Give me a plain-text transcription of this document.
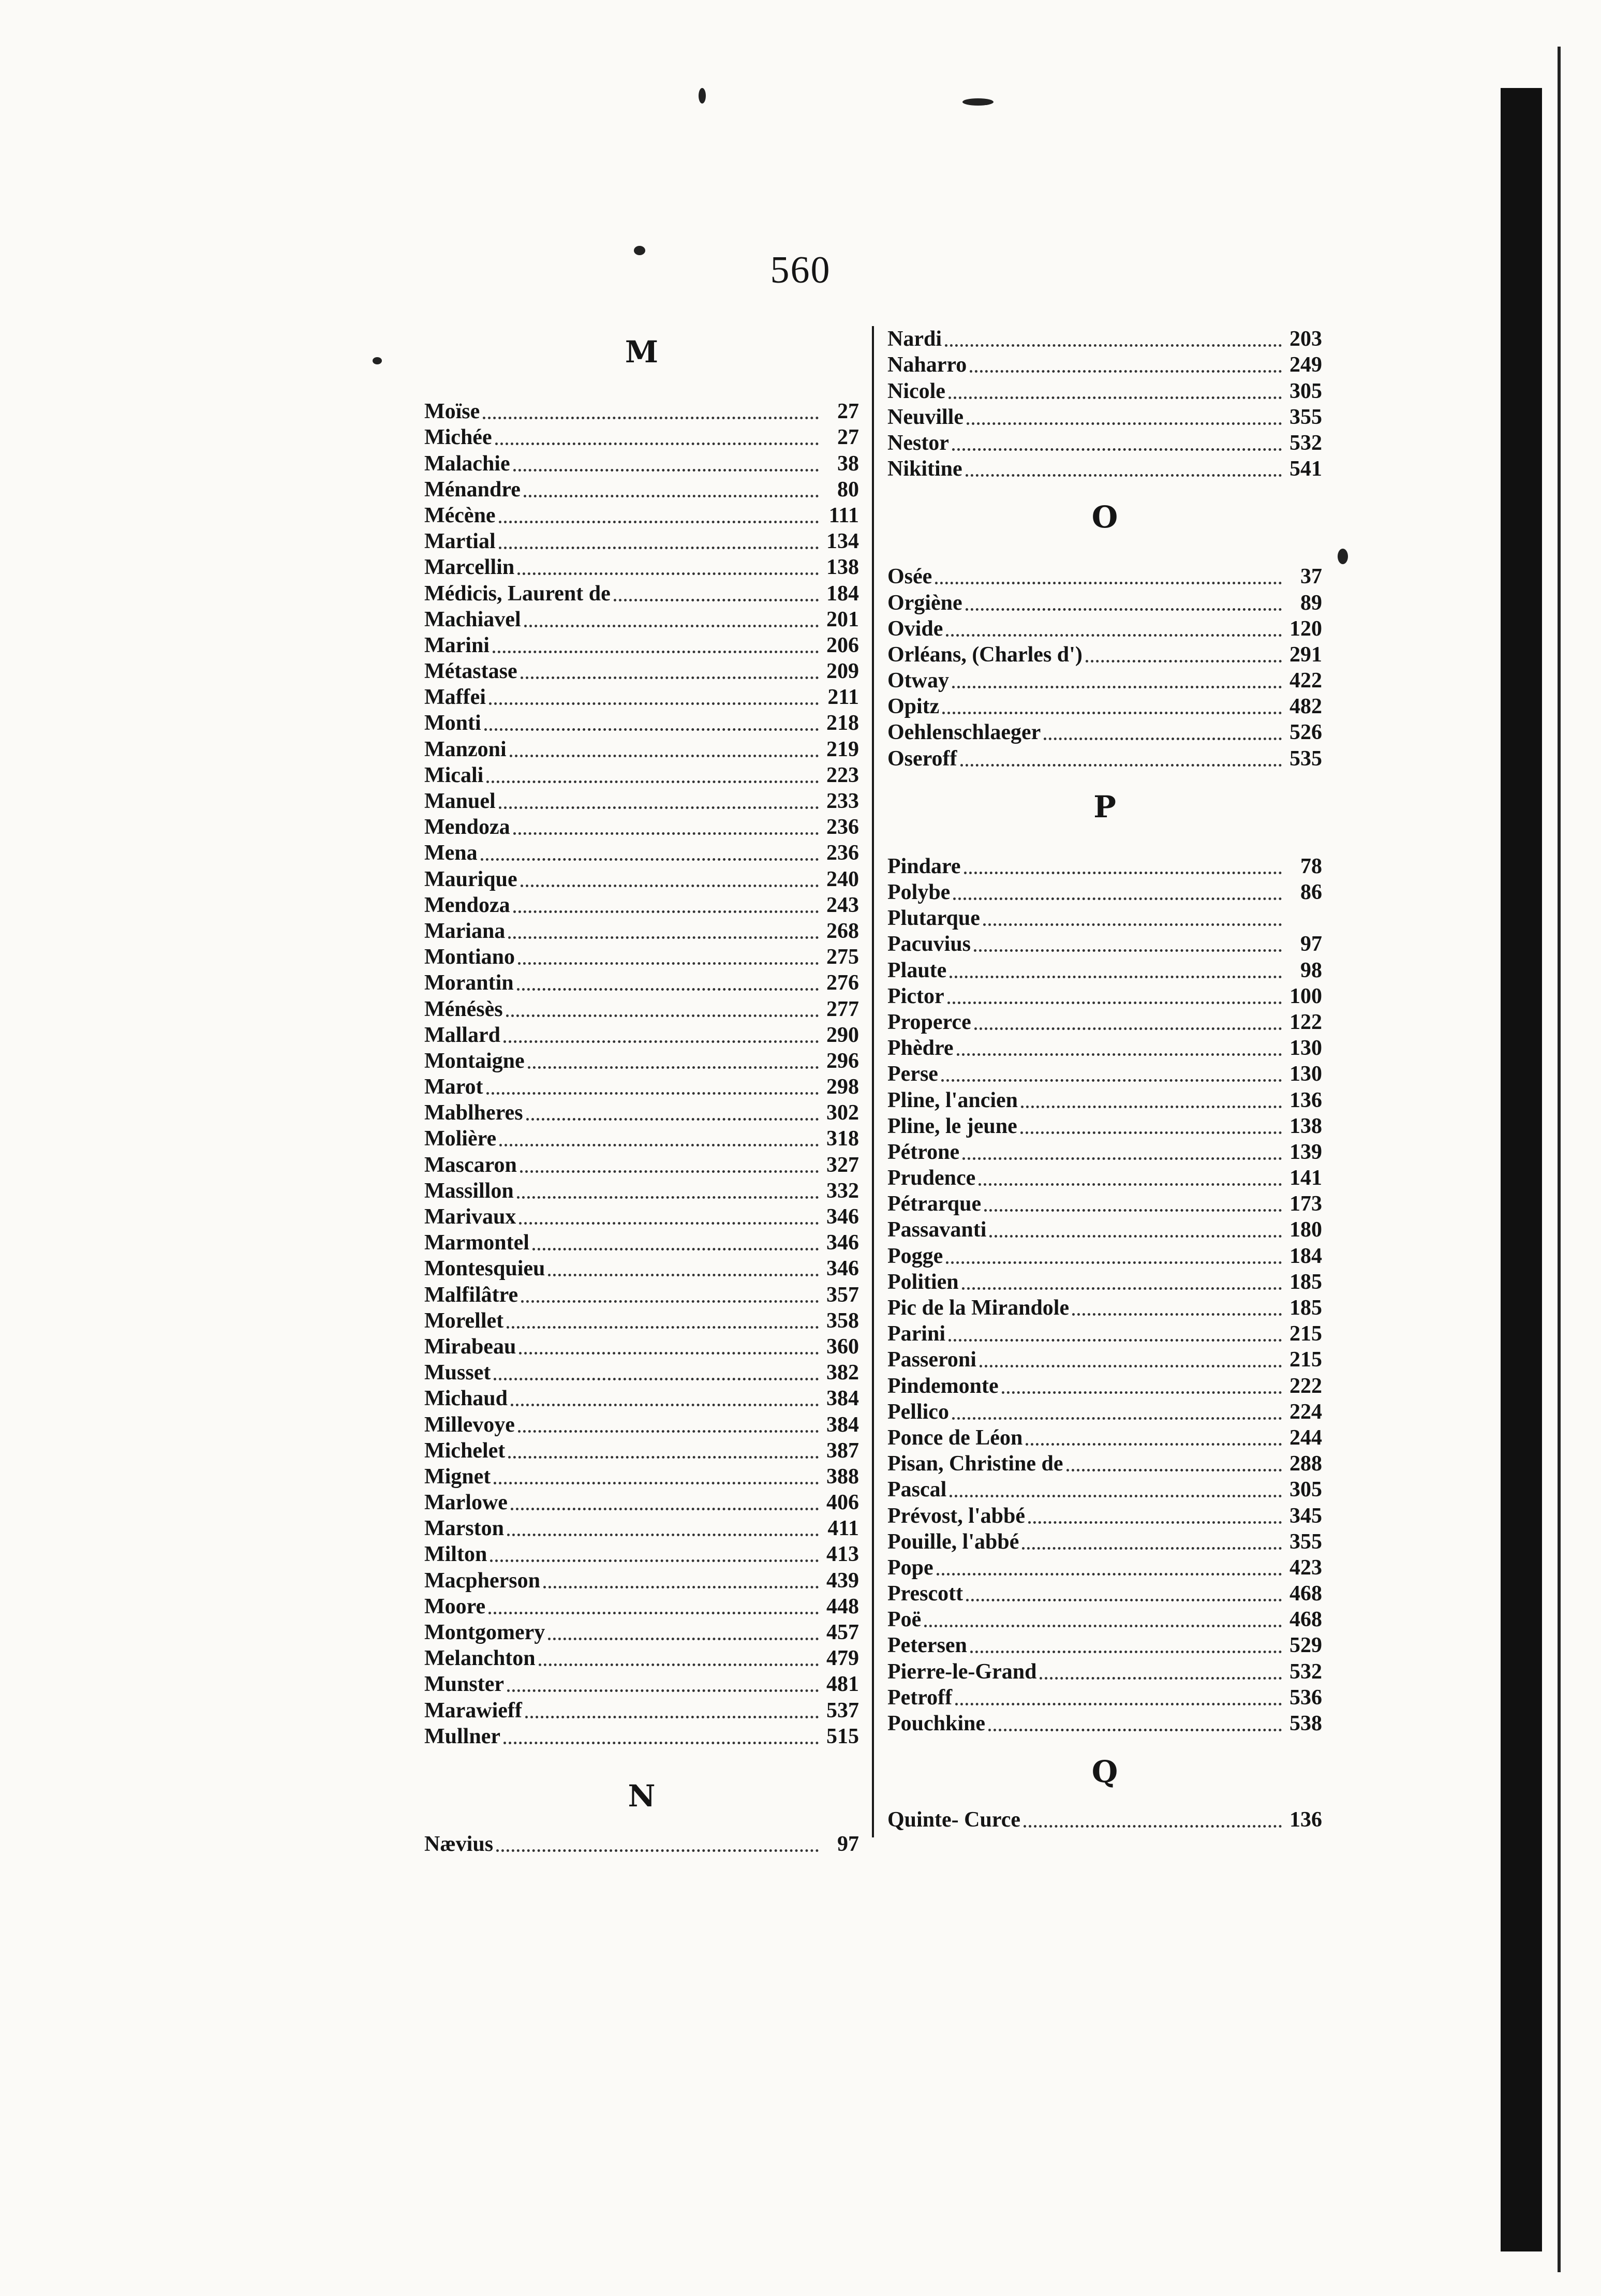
560
M
Moïse	27
Michée	27
Malachie	38
Ménandre	80
Mécène	111
Martial	134
Marcellin	138
Médicis, Laurent de	184
Machiavel	201
Marini	206
Métastase	209
Maffei	211
Monti	218
Manzoni	219
Micali	223
Manuel	233
Mendoza	236
Mena	236
Maurique	240
Mendoza	243
Mariana	268
Montiano	275
Morantin	276
Ménésès	277
Mallard	290
Montaigne	296
Marot	298
Mablheres	302
Molière	318
Mascaron	327
Massillon	332
Marivaux	346
Marmontel	346
Montesquieu	346
Malfilâtre	357
Morellet	358
Mirabeau	360
Musset	382
Michaud	384
Millevoye	384
Michelet	387
Mignet	388
Marlowe	406
Marston	411
Milton	413
Macpherson	439
Moore	448
Montgomery	457
Melanchton	479
Munster	481
Marawieff	537
Mullner	515
N
Nævius	97
Nardi	203
Naharro	249
Nicole	305
Neuville	355
Nestor	532
Nikitine	541
O
Osée	37
Orgiène	89
Ovide	120
Orléans, (Charles d')	291
Otway	422
Opitz	482
Oehlenschlaeger	526
Oseroff	535
P
Pindare	78
Polybe	86
Plutarque
Pacuvius	97
Plaute	98
Pictor	100
Properce	122
Phèdre	130
Perse	130
Pline, l'ancien	136
Pline, le jeune	138
Pétrone	139
Prudence	141
Pétrarque	173
Passavanti	180
Pogge	184
Politien	185
Pic de la Mirandole	185
Parini	215
Passeroni	215
Pindemonte	222
Pellico	224
Ponce de Léon	244
Pisan, Christine de	288
Pascal	305
Prévost, l'abbé	345
Pouille, l'abbé	355
Pope	423
Prescott	468
Poë	468
Petersen	529
Pierre-le-Grand	532
Petroff	536
Pouchkine	538
Q
Quinte- Curce	136
